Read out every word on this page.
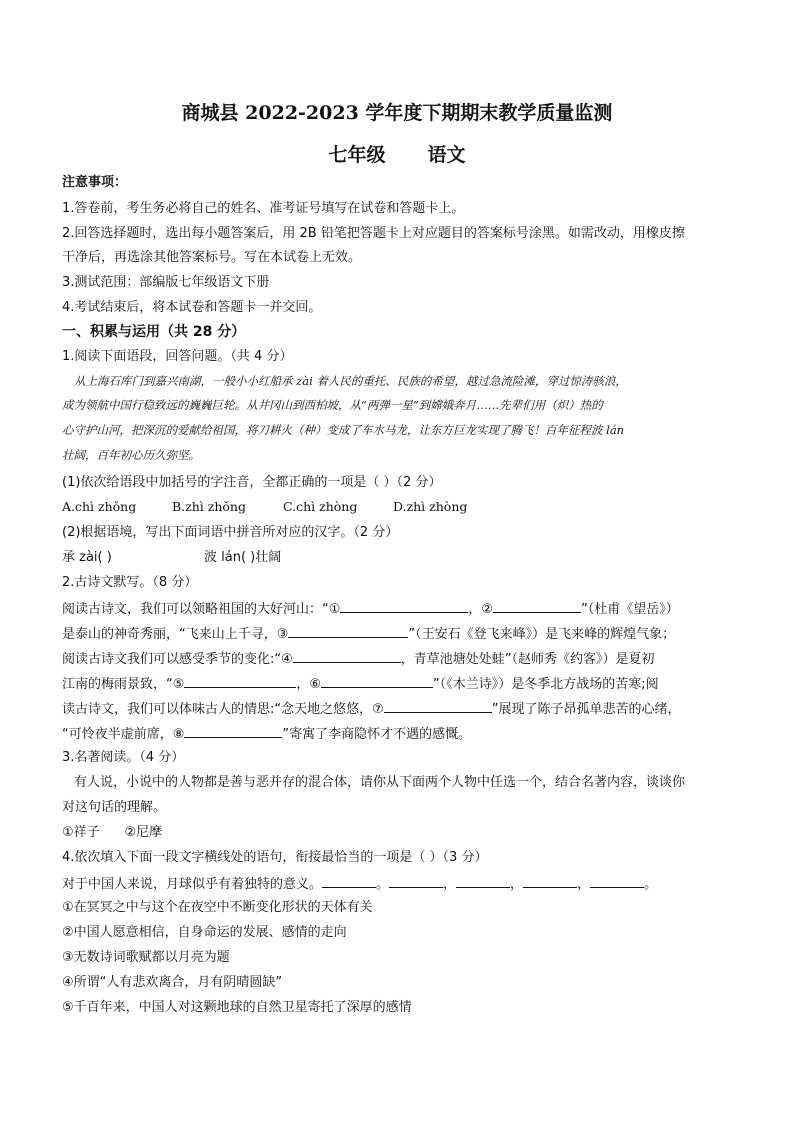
商城县 2022-2023 学年度下期期末教学质量监测
七年级 语文
注意事项：
1.答卷前，考生务必将自己的姓名、准考证号填写在试卷和答题卡上。
2.回答选择题时，选出每小题答案后，用 2B 铅笔把答题卡上对应题目的答案标号涂黑。如需改动，用橡皮擦
干净后，再选涂其他答案标号。写在本试卷上无效。
3.测试范围：部编版七年级语文下册
4.考试结束后，将本试卷和答题卡一并交回。
一、积累与运用（共 28 分）
1.阅读下面语段，回答问题。（共 4 分）
从上海石库门到嘉兴南湖，一般小小红船承 zài 着人民的重托、民族的希望，越过急流险滩，穿过惊涛骇浪，
成为领航中国行稳致远的巍巍巨轮。从井冈山到西柏坡，从“两弹一星”到嫦娥奔月……先辈们用（炽）热的
心守护山河，把深沉的爱献给祖国，将刀耕火（种）变成了车水马龙，让东方巨龙实现了腾飞！百年征程波 lán
壮阔，百年初心历久弥坚。
(1)依次给语段中加括号的字注音，全都正确的一项是（ ）（2 分）
A.chì zhǒng	B.zhì zhǒng	C.chì zhòng	D.zhì zhòng
(2)根据语境，写出下面词语中拼音所对应的汉字。（2 分）
承 zài( )	波 lán( )壮阔
2.古诗文默写。（8 分）
阅读古诗文，我们可以领略祖国的大好河山：“①	，②	”（杜甫《望岳》）
是泰山的神奇秀丽，“飞来山上千寻，③	”（王安石《登飞来峰》）是飞来峰的辉煌气象；
阅读古诗文我们可以感受季节的变化:“④	，青草池塘处处蛙”（赵师秀《约客》）是夏初
江南的梅雨景致，“⑤	，⑥	”（《木兰诗》）是冬季北方战场的苦寒;阅
读古诗文，我们可以体味古人的情思:“念天地之悠悠，⑦	”展现了陈子昂孤单悲苦的心绪，
“可怜夜半虚前席，⑧	”寄寓了李商隐怀才不遇的感慨。
3.名著阅读。（4 分）
有人说，小说中的人物都是善与恶并存的混合体，请你从下面两个人物中任选一个，结合名著内容，谈谈你
对这句话的理解。
①祥子      ②尼摩
4.依次填入下面一段文字横线处的语句，衔接最恰当的一项是（ ）（3 分）
对于中国人来说，月球似乎有着独特的意义。	。	，	，	，	。
①在冥冥之中与这个在夜空中不断变化形状的天体有关
②中国人愿意相信，自身命运的发展、感情的走向
③无数诗词歌赋都以月亮为题
④所谓“人有悲欢离合，月有阴晴圆缺”
⑤千百年来，中国人对这颗地球的自然卫星寄托了深厚的感情
